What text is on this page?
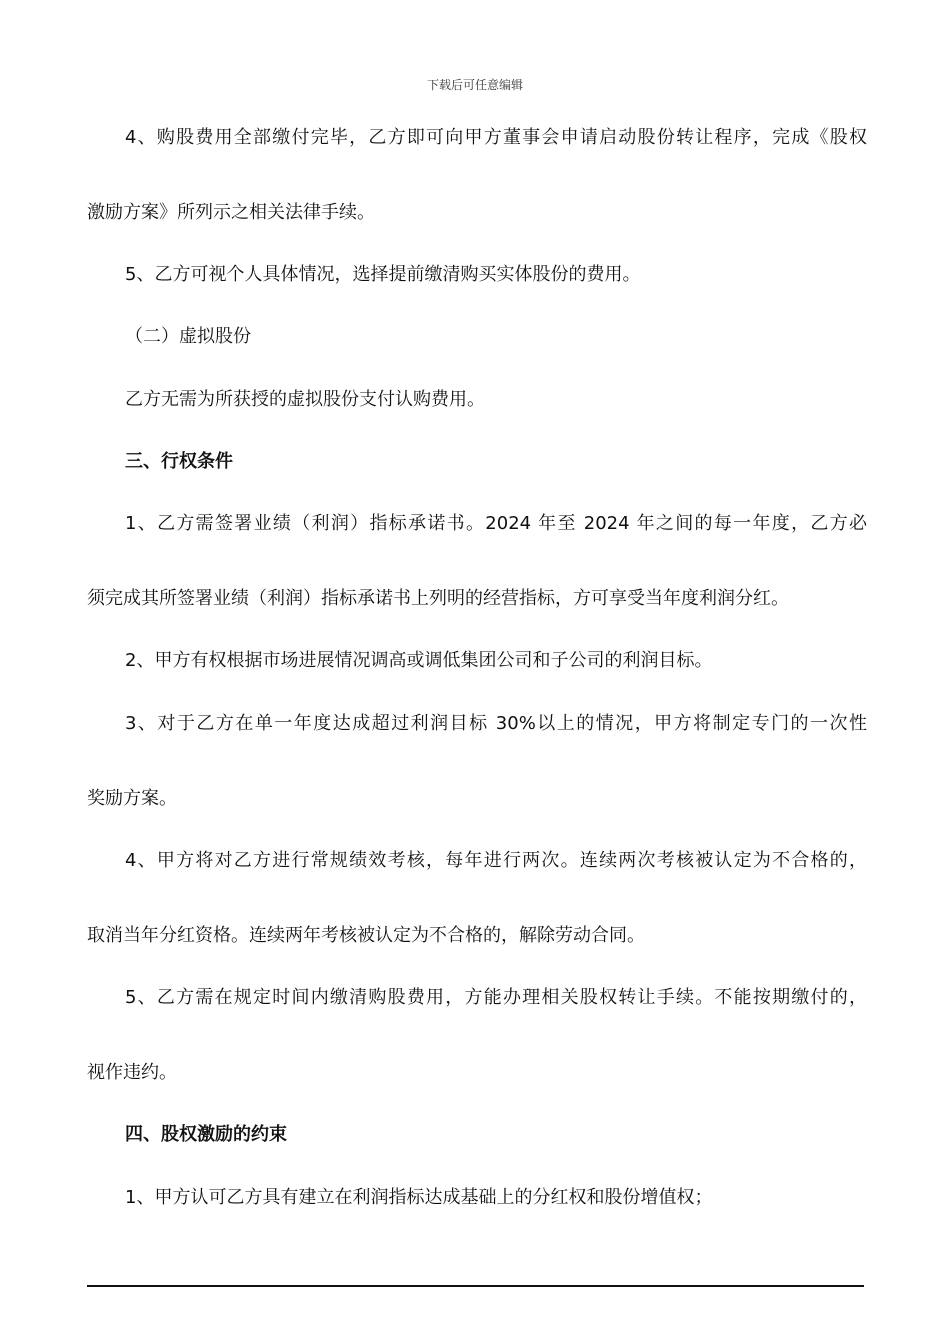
下载后可任意编辑
4、购股费用全部缴付完毕，乙方即可向甲方董事会申请启动股份转让程序，完成《股权
激励方案》所列示之相关法律手续。
5、乙方可视个人具体情况，选择提前缴清购买实体股份的费用。
（二）虚拟股份
乙方无需为所获授的虚拟股份支付认购费用。
三、行权条件
1、乙方需签署业绩（利润）指标承诺书。2024 年至 2024 年之间的每一年度，乙方必
须完成其所签署业绩（利润）指标承诺书上列明的经营指标，方可享受当年度利润分红。
2、甲方有权根据市场进展情况调高或调低集团公司和子公司的利润目标。
3、对于乙方在单一年度达成超过利润目标 30%以上的情况，甲方将制定专门的一次性
奖励方案。
4、甲方将对乙方进行常规绩效考核，每年进行两次。连续两次考核被认定为不合格的，
取消当年分红资格。连续两年考核被认定为不合格的，解除劳动合同。
5、乙方需在规定时间内缴清购股费用，方能办理相关股权转让手续。不能按期缴付的，
视作违约。
四、股权激励的约束
1、甲方认可乙方具有建立在利润指标达成基础上的分红权和股份增值权；
